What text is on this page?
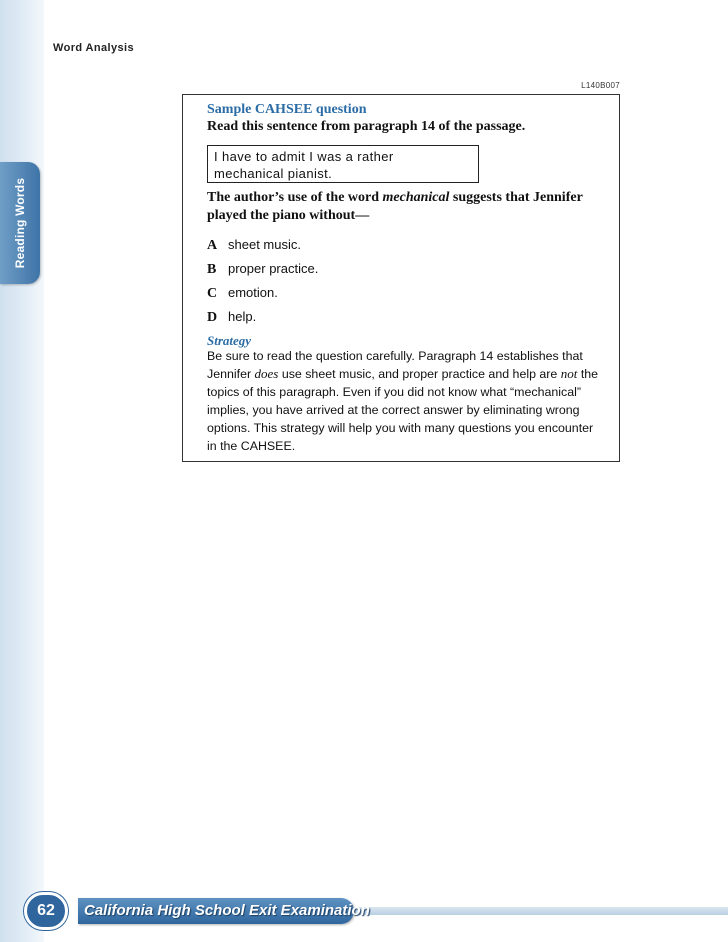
Reading Words
Word Analysis
L140B007
Sample CAHSEE question
Read this sentence from paragraph 14 of the passage.
I have to admit I was a rather
mechanical pianist.
The author’s use of the word mechanical suggests that Jennifer played the piano without—
A sheet music.
B proper practice.
C emotion.
D help.
Strategy
Be sure to read the question carefully. Paragraph 14 establishes that Jennifer does use sheet music, and proper practice and help are not the topics of this paragraph. Even if you did not know what “mechanical” implies, you have arrived at the correct answer by eliminating wrong options. This strategy will help you with many questions you encounter in the CAHSEE.
California High School Exit Examination
62
